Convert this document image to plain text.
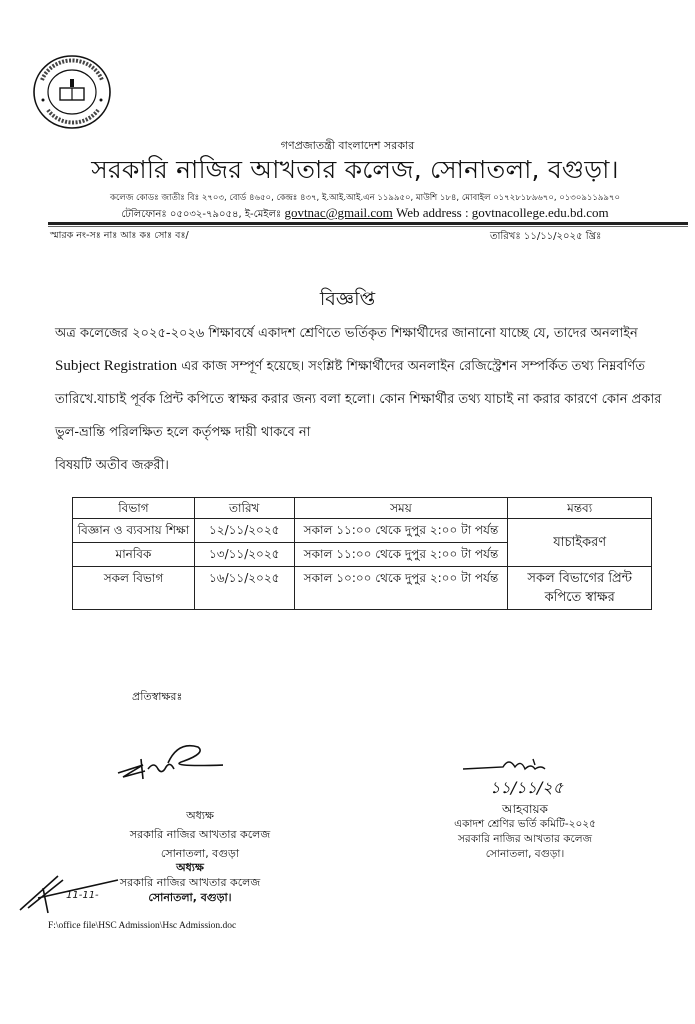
গণপ্রজাতন্ত্রী বাংলাদেশ সরকার
সরকারি নাজির আখতার কলেজ, সোনাতলা, বগুড়া।
কলেজ কোডঃ জাতীঃ বিঃ ২৭০৩, বোর্ড ৪৬৫০, কেন্দ্রঃ ৪৩৭, ই.আই.আই.এন ১১৯৯৫০, মাউশি ১৮৪, মোবাইল ০১৭২৮১৮৯৬৭০, ০১৩০৯১১৯৯৭০
টেলিফোনঃ ০৫০৩২-৭৯০৫৪, ই-মেইলঃ govtnac@gmail.com Web address : govtnacollege.edu.bd.com
স্মারক নং-সঃ নাঃ আঃ কঃ সোঃ বঃ/	তারিখঃ ১১/১১/২০২৫ খ্রিঃ
বিজ্ঞপ্তি
অত্র কলেজের ২০২৫-২০২৬ শিক্ষাবর্ষে একাদশ শ্রেণিতে ভর্তিকৃত শিক্ষার্থীদের জানানো যাচ্ছে যে, তাদের অনলাইন Subject Registration এর কাজ সম্পূর্ণ হয়েছে। সংশ্লিষ্ট শিক্ষার্থীদের অনলাইন রেজিস্ট্রেশন সম্পর্কিত তথ্য নিম্নবর্ণিত তারিখে.যাচাই পূর্বক প্রিন্ট কপিতে স্বাক্ষর করার জন্য বলা হলো। কোন শিক্ষার্থীর তথ্য যাচাই না করার কারণে কোন প্রকার ভুল-ভ্রান্তি পরিলক্ষিত হলে কর্তৃপক্ষ দায়ী থাকবে না
বিষয়টি অতীব জরুরী।
বিভাগ	তারিখ	সময়	মন্তব্য
বিজ্ঞান ও ব্যবসায় শিক্ষা	১২/১১/২০২৫	সকাল ১১:০০ থেকে দুপুর ২:০০ টা পর্যন্ত	যাচাইকরণ
মানবিক	১৩/১১/২০২৫	সকাল ১১:০০ থেকে দুপুর ২:০০ টা পর্যন্ত	
সকল বিভাগ	১৬/১১/২০২৫	সকাল ১০:০০ থেকে দুপুর ২:০০ টা পর্যন্ত	সকল বিভাগের প্রিন্ট কপিতে স্বাক্ষর
প্রতিস্বাক্ষরঃ
অধ্যক্ষ
সরকারি নাজির আখতার কলেজ
সোনাতলা, বগুড়া
অধ্যক্ষ
সরকারি নাজির আখতার কলেজ
সোনাতলা, বগুড়া।
11-11-
F:\office file\HSC Admission\Hsc Admission.doc
১১/১১/২৫
আহবায়ক
একাদশ শ্রেণির ভর্তি কমিটি-২০২৫
সরকারি নাজির আখতার কলেজ
সোনাতলা, বগুড়া।
